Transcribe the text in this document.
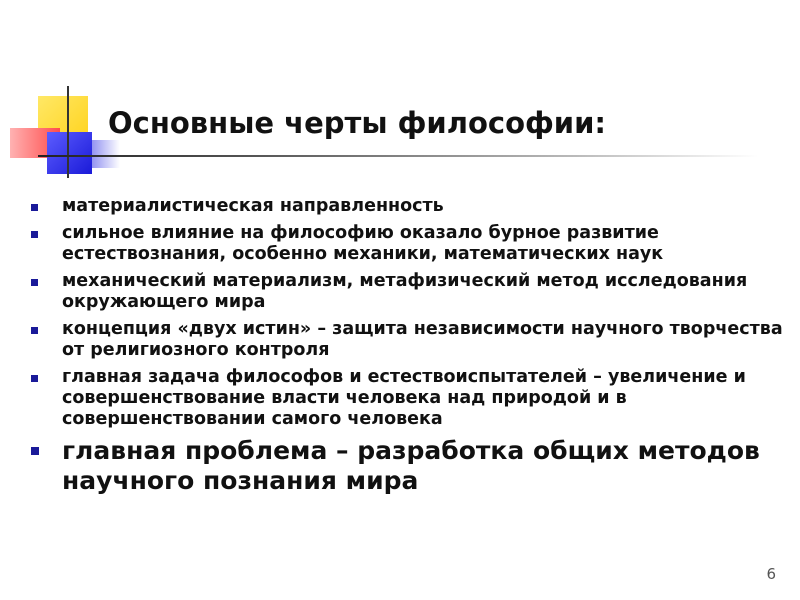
Основные черты философии:
материалистическая направленность
сильное влияние на философию оказало бурное развитие естествознания, особенно механики, математических наук
механический материализм, метафизический метод исследования окружающего мира
концепция «двух истин» – защита независимости научного творчества от религиозного контроля
главная задача философов и естествоиспытателей – увеличение и совершенствование власти человека над природой и в совершенствовании самого человека
главная проблема – разработка общих методов научного познания мира
6
